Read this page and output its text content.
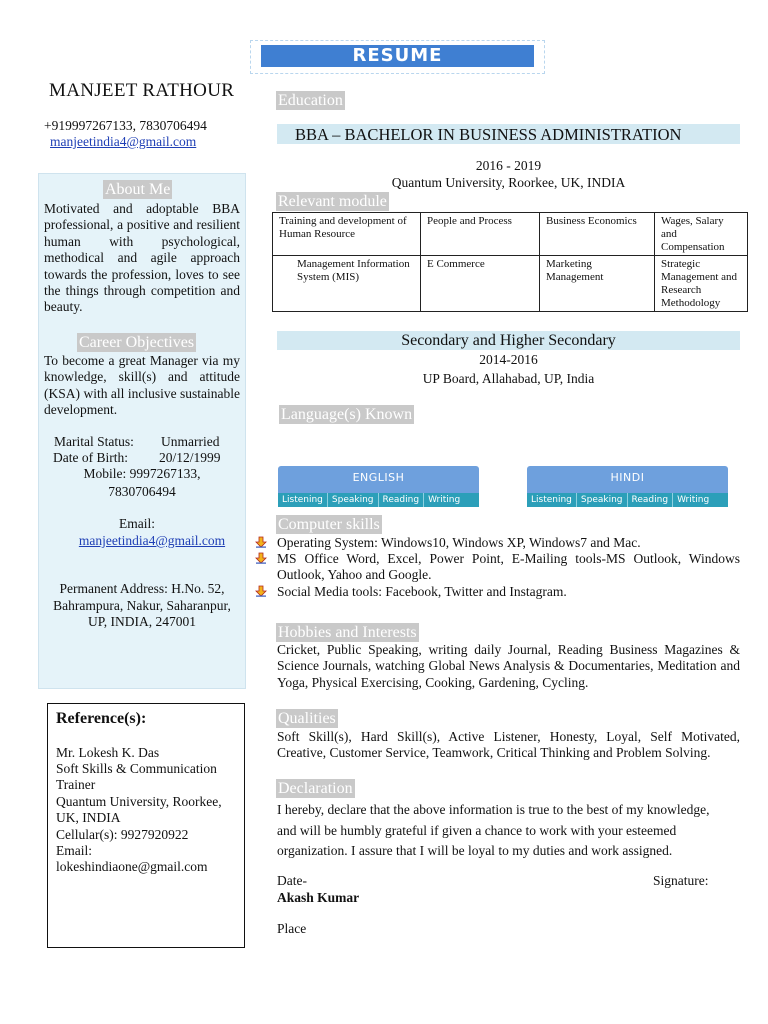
RESUME
MANJEET RATHOUR
+919997267133, 7830706494
manjeetindia4@gmail.com
About Me
Motivated and adoptable BBA professional, a positive and resilient human with psychological, methodical and agile approach towards the profession, loves to see the things through competition and beauty.
Career Objectives
To become a great Manager via my knowledge, skill(s) and attitude (KSA) with all inclusive sustainable development.
Marital Status: Unmarried
Date of Birth: 20/12/1999
Mobile: 9997267133,
7830706494
Email:
manjeetindia4@gmail.com
Permanent Address: H.No. 52,
Bahrampura, Nakur, Saharanpur,
UP, INDIA, 247001
Reference(s):
Mr. Lokesh K. Das
Soft Skills & Communication Trainer
Quantum University, Roorkee, UK, INDIA
Cellular(s): 9927920922
Email:
lokeshindiaone@gmail.com
Education
BBA – BACHELOR IN BUSINESS ADMINISTRATION
2016 - 2019
Quantum University, Roorkee, UK, INDIA
Relevant module
Training and development of Human Resource	People and Process	Business Economics	Wages, Salary and Compensation
Management Information System (MIS)	E Commerce	Marketing Management	Strategic Management and Research Methodology
Secondary and Higher Secondary
2014-2016
UP Board, Allahabad, UP, India
Language(s) Known
ENGLISH
Listening	Speaking	Reading	Writing
HINDI
Listening	Speaking	Reading	Writing
Computer skills
Operating System: Windows10, Windows XP, Windows7 and Mac.
MS Office Word, Excel, Power Point, E-Mailing tools-MS Outlook, Windows Outlook, Yahoo and Google.
Social Media tools: Facebook, Twitter and Instagram.
Hobbies and Interests
Cricket, Public Speaking, writing daily Journal, Reading Business Magazines & Science Journals, watching Global News Analysis & Documentaries, Meditation and Yoga, Physical Exercising, Cooking, Gardening, Cycling.
Qualities
Soft Skill(s), Hard Skill(s), Active Listener, Honesty, Loyal, Self Motivated, Creative, Customer Service, Teamwork, Critical Thinking and Problem Solving.
Declaration
I hereby, declare that the above information is true to the best of my knowledge, and will be humbly grateful if given a chance to work with your esteemed organization. I assure that I will be loyal to my duties and work assigned.
Date-	Signature:
Akash Kumar
Place
